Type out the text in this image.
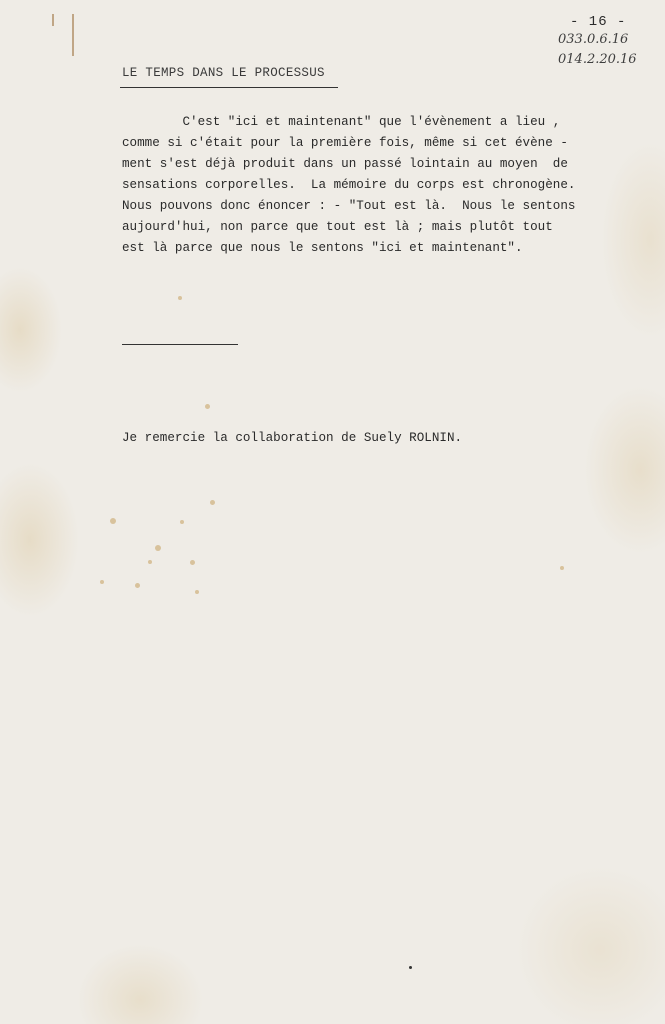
- 16 -
033.0.6.16
014.2.20.16
LE TEMPS DANS LE PROCESSUS
C'est "ici et maintenant" que l'évènement a lieu ,
comme si c'était pour la première fois, même si cet évène -
ment s'est déjà produit dans un passé lointain au moyen  de
sensations corporelles.  La mémoire du corps est chronogène.
Nous pouvons donc énoncer : - "Tout est là.  Nous le sentons
aujourd'hui, non parce que tout est là ; mais plutôt tout
est là parce que nous le sentons "ici et maintenant".
Je remercie la collaboration de Suely ROLNIN.
